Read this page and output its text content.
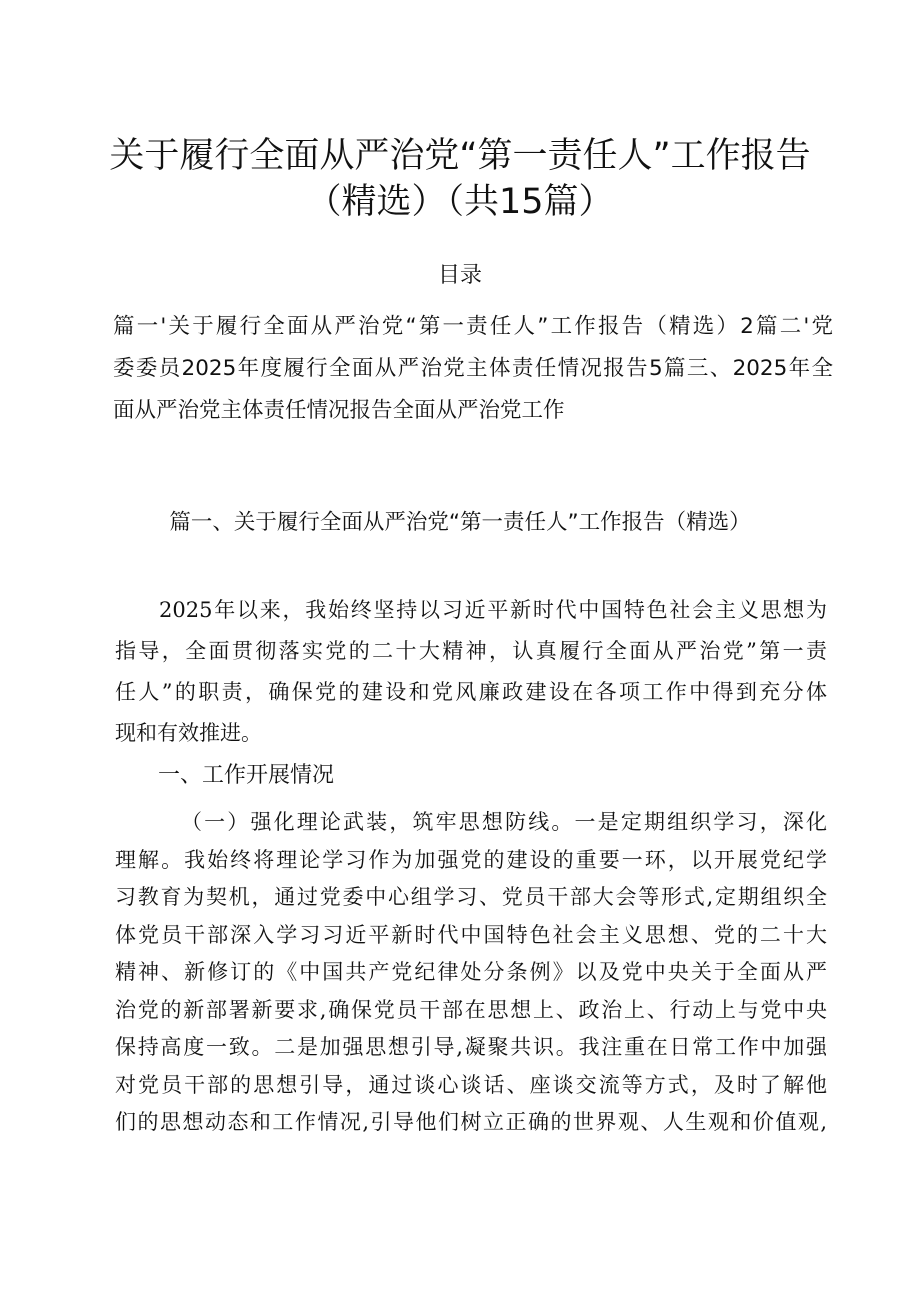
关于履行全面从严治党“第一责任人”工作报告
（精选）（共15篇）
目录
篇一'关于履行全面从严治党“第一责任人”工作报告（精选）2篇二'党
委委员2025年度履行全面从严治党主体责任情况报告5篇三、2025年全
面从严治党主体责任情况报告全面从严治党工作
篇一、关于履行全面从严治党“第一责任人”工作报告（精选）
2025年以来，我始终坚持以习近平新时代中国特色社会主义思想为
指导，全面贯彻落实党的二十大精神，认真履行全面从严治党”第一责
任人”的职责，确保党的建设和党风廉政建设在各项工作中得到充分体
现和有效推进。
一、工作开展情况
（一）强化理论武装，筑牢思想防线。一是定期组织学习，深化
理解。我始终将理论学习作为加强党的建设的重要一环，以开展党纪学
习教育为契机，通过党委中心组学习、党员干部大会等形式,定期组织全
体党员干部深入学习习近平新时代中国特色社会主义思想、党的二十大
精神、新修订的《中国共产党纪律处分条例》以及党中央关于全面从严
治党的新部署新要求,确保党员干部在思想上、政治上、行动上与党中央
保持高度一致。二是加强思想引导,凝聚共识。我注重在日常工作中加强
对党员干部的思想引导，通过谈心谈话、座谈交流等方式，及时了解他
们的思想动态和工作情况,引导他们树立正确的世界观、人生观和价值观,
